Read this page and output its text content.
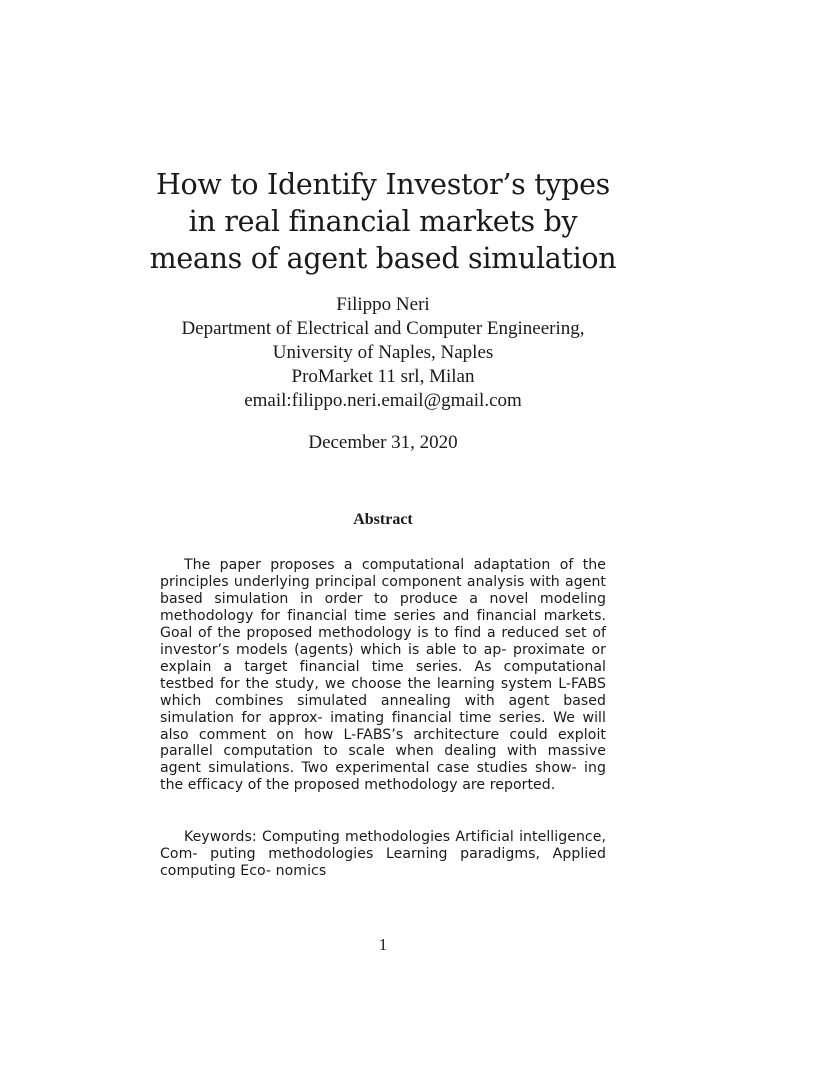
How to Identify Investor’s types
in real financial markets by
means of agent based simulation
Filippo Neri
Department of Electrical and Computer Engineering,
University of Naples, Naples
ProMarket 11 srl, Milan
email:filippo.neri.email@gmail.com
December 31, 2020
Abstract

The paper proposes a computational adaptation of the principles underlying principal component analysis with agent based simulation in order to produce a novel modeling methodology for financial time series and financial markets. Goal of the proposed methodology is to find a reduced set of investor’s models (agents) which is able to ap- proximate or explain a target financial time series. As computational testbed for the study, we choose the learning system L-FABS which combines simulated annealing with agent based simulation for approx- imating financial time series. We will also comment on how L-FABS’s architecture could exploit parallel computation to scale when dealing with massive agent simulations. Two experimental case studies show- ing the efficacy of the proposed methodology are reported.

Keywords: Computing methodologies Artificial intelligence, Com- puting methodologies Learning paradigms, Applied computing Eco- nomics

1
